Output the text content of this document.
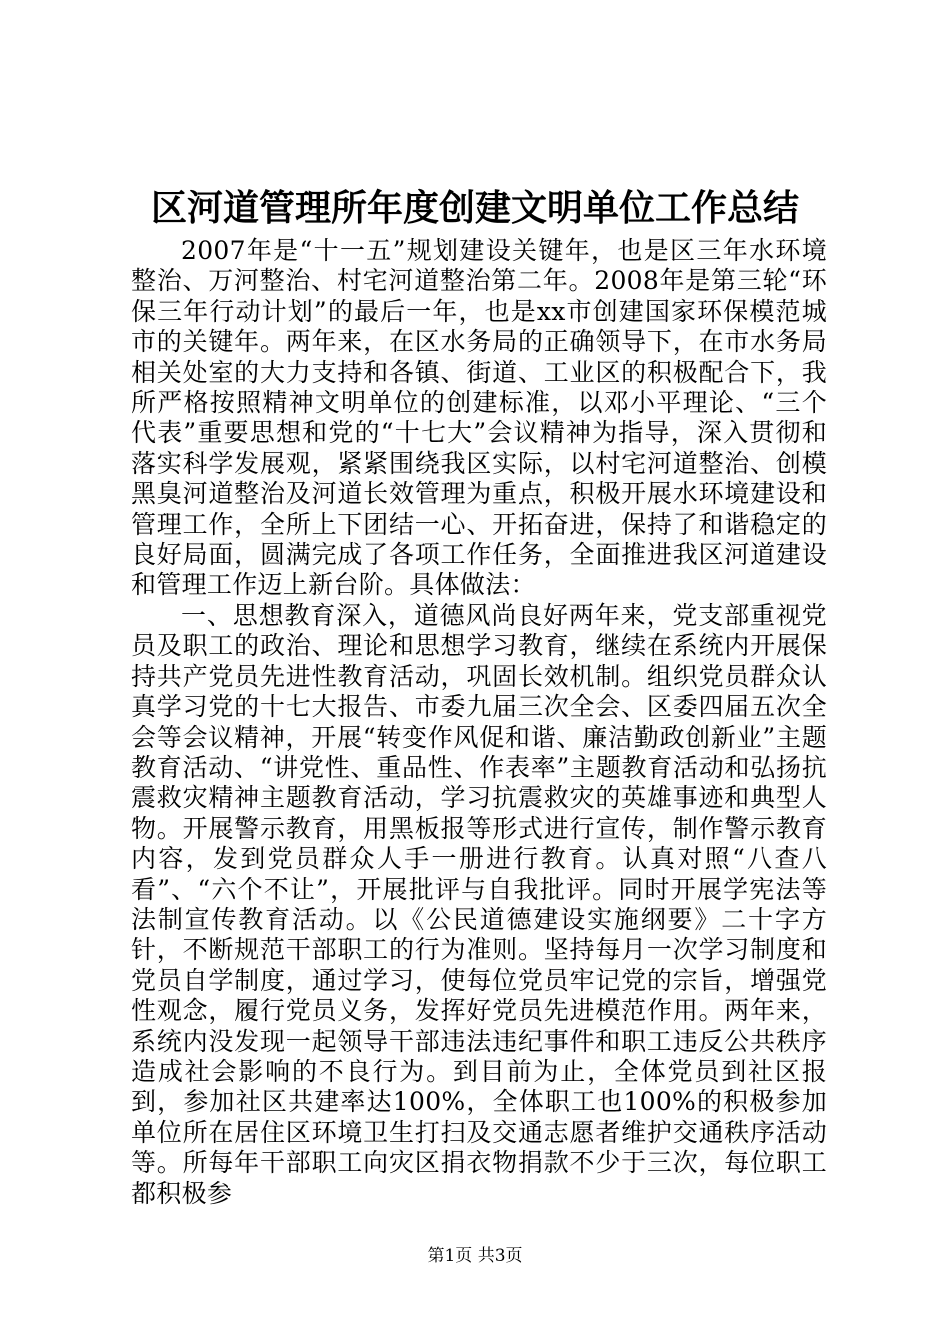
区河道管理所年度创建文明单位工作总结

2007年是“十一五”规划建设关键年，也是区三年水环境整治、万河整治、村宅河道整治第二年。2008年是第三轮“环保三年行动计划”的最后一年，也是xx市创建国家环保模范城市的关键年。两年来，在区水务局的正确领导下，在市水务局相关处室的大力支持和各镇、街道、工业区的积极配合下，我所严格按照精神文明单位的创建标准，以邓小平理论、“三个代表”重要思想和党的“十七大”会议精神为指导，深入贯彻和落实科学发展观，紧紧围绕我区实际，以村宅河道整治、创模黑臭河道整治及河道长效管理为重点，积极开展水环境建设和管理工作，全所上下团结一心、开拓奋进，保持了和谐稳定的良好局面，圆满完成了各项工作任务，全面推进我区河道建设和管理工作迈上新台阶。具体做法：

一、思想教育深入，道德风尚良好两年来，党支部重视党员及职工的政治、理论和思想学习教育，继续在系统内开展保持共产党员先进性教育活动，巩固长效机制。组织党员群众认真学习党的十七大报告、市委九届三次全会、区委四届五次全会等会议精神，开展“转变作风促和谐、廉洁勤政创新业”主题教育活动、“讲党性、重品性、作表率”主题教育活动和弘扬抗震救灾精神主题教育活动，学习抗震救灾的英雄事迹和典型人物。开展警示教育，用黑板报等形式进行宣传，制作警示教育内容，发到党员群众人手一册进行教育。认真对照“八查八看”、“六个不让”，开展批评与自我批评。同时开展学宪法等法制宣传教育活动。以《公民道德建设实施纲要》二十字方针，不断规范干部职工的行为准则。坚持每月一次学习制度和党员自学制度，通过学习，使每位党员牢记党的宗旨，增强党性观念，履行党员义务，发挥好党员先进模范作用。两年来，系统内没发现一起领导干部违法违纪事件和职工违反公共秩序造成社会影响的不良行为。到目前为止，全体党员到社区报到，参加社区共建率达100%，全体职工也100%的积极参加单位所在居住区环境卫生打扫及交通志愿者维护交通秩序活动等。所每年干部职工向灾区捐衣物捐款不少于三次，每位职工都积极参

第1页 共3页
